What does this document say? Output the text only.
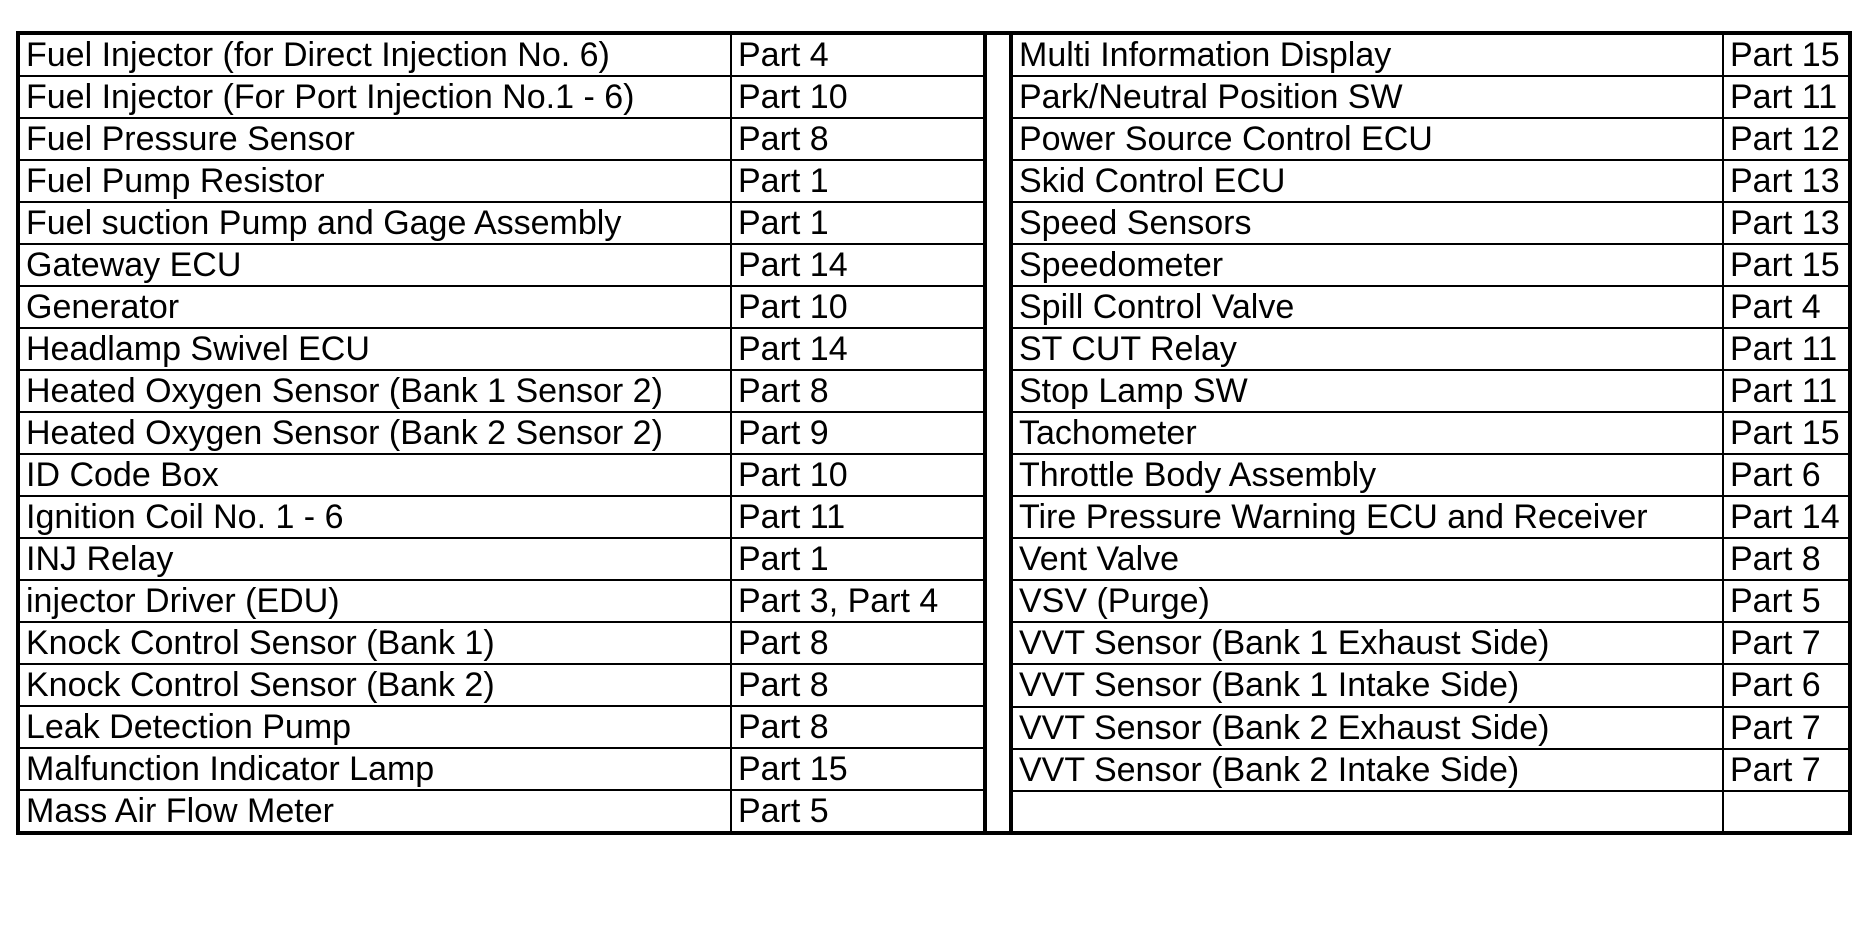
Fuel Injector (for Direct Injection No. 6)	Part 4
Fuel Injector (For Port Injection No.1 - 6)	Part 10
Fuel Pressure Sensor	Part 8
Fuel Pump Resistor	Part 1
Fuel suction Pump and Gage Assembly	Part 1
Gateway ECU	Part 14
Generator	Part 10
Headlamp Swivel ECU	Part 14
Heated Oxygen Sensor (Bank 1 Sensor 2)	Part 8
Heated Oxygen Sensor (Bank 2 Sensor 2)	Part 9
ID Code Box	Part 10
Ignition Coil No. 1 - 6	Part 11
INJ Relay	Part 1
injector Driver (EDU)	Part 3, Part 4
Knock Control Sensor (Bank 1)	Part 8
Knock Control Sensor (Bank 2)	Part 8
Leak Detection Pump	Part 8
Malfunction Indicator Lamp	Part 15
Mass Air Flow Meter	Part 5
Multi Information Display	Part 15
Park/Neutral Position SW	Part 11
Power Source Control ECU	Part 12
Skid Control ECU	Part 13
Speed Sensors	Part 13
Speedometer	Part 15
Spill Control Valve	Part 4
ST CUT Relay	Part 11
Stop Lamp SW	Part 11
Tachometer	Part 15
Throttle Body Assembly	Part 6
Tire Pressure Warning ECU and Receiver	Part 14
Vent Valve	Part 8
VSV (Purge)	Part 5
VVT Sensor (Bank 1 Exhaust Side)	Part 7
VVT Sensor (Bank 1 Intake Side)	Part 6
VVT Sensor (Bank 2 Exhaust Side)	Part 7
VVT Sensor (Bank 2 Intake Side)	Part 7
